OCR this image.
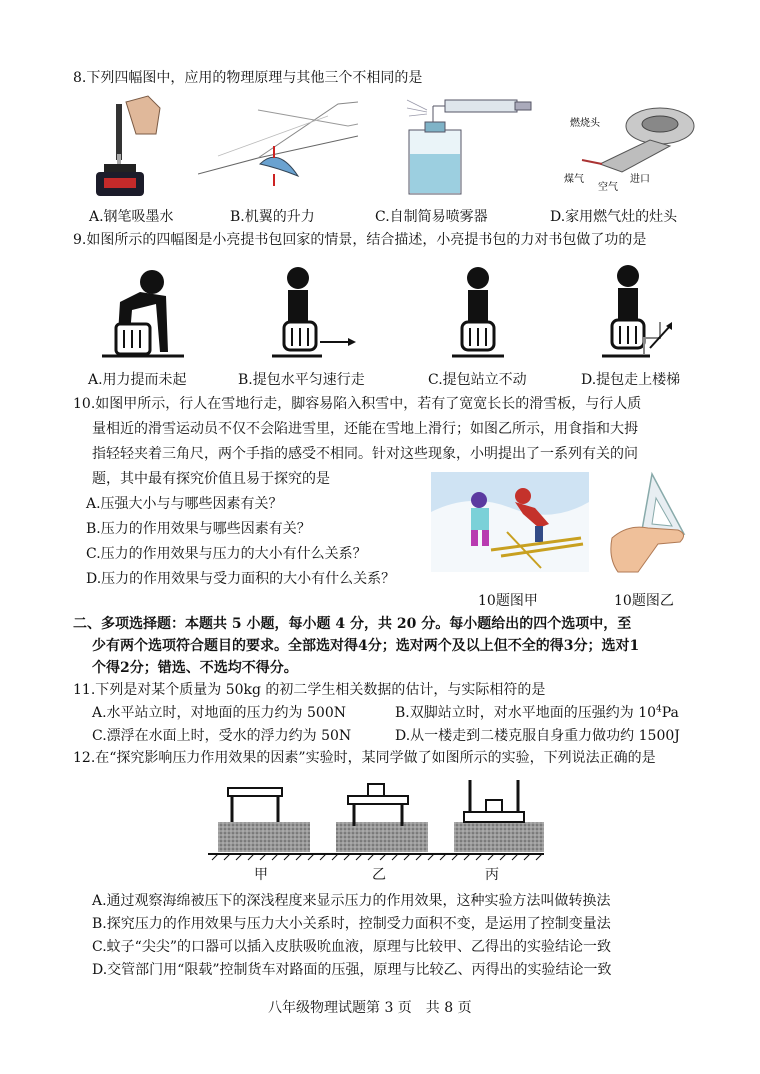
8.下列四幅图中，应用的物理原理与其他三个不相同的是
燃烧头
煤气
空气
进口
A.钢笔吸墨水	B.机翼的升力	C.自制简易喷雾器	D.家用燃气灶的灶头
9.如图所示的四幅图是小亮提书包回家的情景，结合描述，小亮提书包的力对书包做了功的是
A.用力提而未起	B.提包水平匀速行走	C.提包站立不动	D.提包走上楼梯
10.如图甲所示，行人在雪地行走，脚容易陷入积雪中，若有了宽宽长长的滑雪板，与行人质
量相近的滑雪运动员不仅不会陷进雪里，还能在雪地上滑行；如图乙所示，用食指和大拇
指轻轻夹着三角尺，两个手指的感受不相同。针对这些现象，小明提出了一系列有关的问
题，其中最有探究价值且易于探究的是
A.压强大小与与哪些因素有关？
B.压力的作用效果与哪些因素有关？
C.压力的作用效果与压力的大小有什么关系？
D.压力的作用效果与受力面积的大小有什么关系？
10题图甲	10题图乙
二、多项选择题：本题共 5 小题，每小题 4 分，共 20 分。每小题给出的四个选项中，至
少有两个选项符合题目的要求。全部选对得4分；选对两个及以上但不全的得3分；选对1
个得2分；错选、不选均不得分。
11.下列是对某个质量为 50kg 的初二学生相关数据的估计，与实际相符的是
A.水平站立时，对地面的压力约为 500N	B.双脚站立时，对水平地面的压强约为 $10^4Pa$
C.漂浮在水面上时，受水的浮力约为 50N	D.从一楼走到二楼克服自身重力做功约 1500J
12.在“探究影响压力作用效果的因素”实验时，某同学做了如图所示的实验，下列说法正确的是
甲	乙	丙
A.通过观察海绵被压下的深浅程度来显示压力的作用效果，这种实验方法叫做转换法
B.探究压力的作用效果与压力大小关系时，控制受力面积不变，是运用了控制变量法
C.蚊子“尖尖”的口器可以插入皮肤吸吮血液，原理与比较甲、乙得出的实验结论一致
D.交管部门用“限载”控制货车对路面的压强，原理与比较乙、丙得出的实验结论一致
八年级物理试题第 3 页　共 8 页
